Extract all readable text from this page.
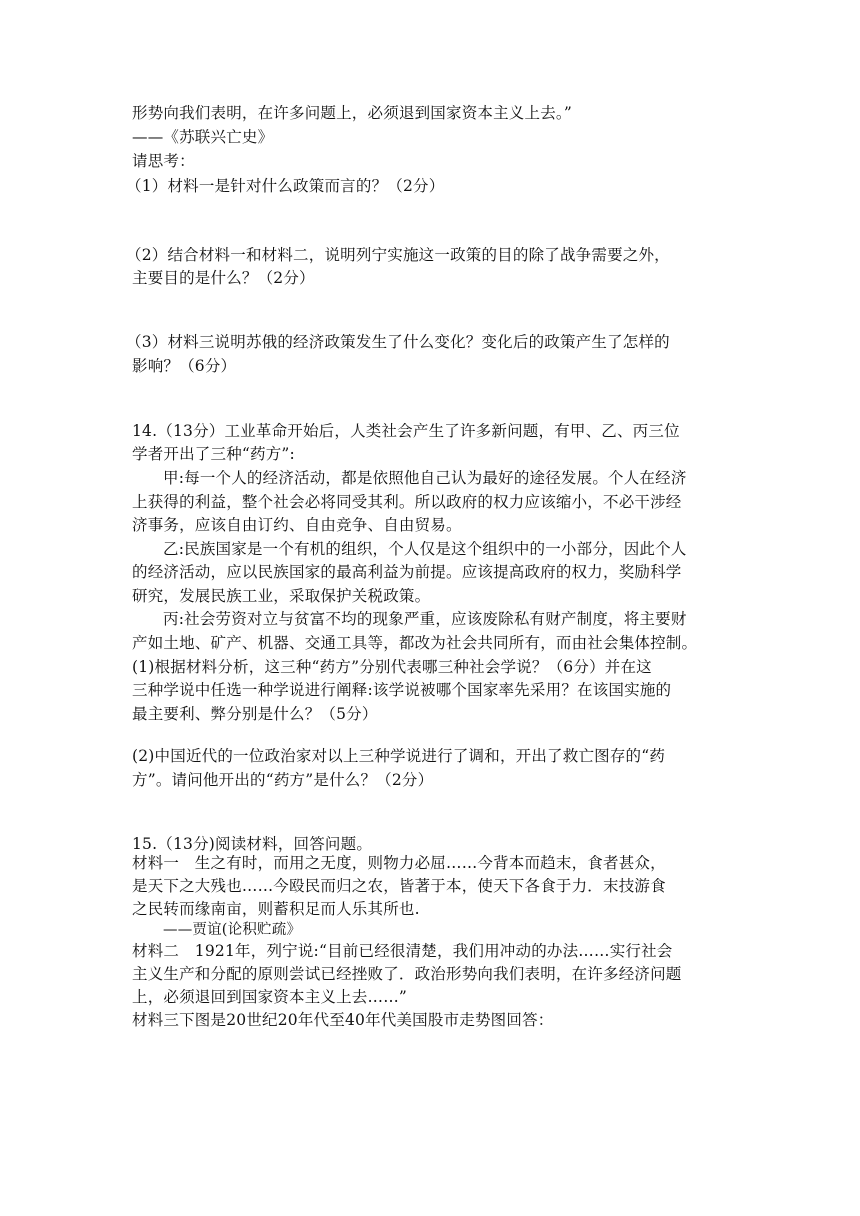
形势向我们表明，在许多问题上，必须退到国家资本主义上去。”
——《苏联兴亡史》
请思考：
（1）材料一是针对什么政策而言的？（2分）
（2）结合材料一和材料二，说明列宁实施这一政策的目的除了战争需要之外，
主要目的是什么？（2分）
（3）材料三说明苏俄的经济政策发生了什么变化？变化后的政策产生了怎样的
影响？（6分）
14.（13分）工业革命开始后，人类社会产生了许多新问题，有甲、乙、丙三位
学者开出了三种“药方”:
甲:每一个人的经济活动，都是依照他自己认为最好的途径发展。个人在经济
上获得的利益，整个社会必将同受其利。所以政府的权力应该缩小，不必干涉经
济事务，应该自由订约、自由竞争、自由贸易。
乙:民族国家是一个有机的组织，个人仅是这个组织中的一小部分，因此个人
的经济活动，应以民族国家的最高利益为前提。应该提高政府的权力，奖励科学
研究，发展民族工业，采取保护关税政策。
丙:社会劳资对立与贫富不均的现象严重，应该废除私有财产制度，将主要财
产如土地、矿产、机器、交通工具等，都改为社会共同所有，而由社会集体控制。
(1)根据材料分析，这三种“药方”分别代表哪三种社会学说？（6分）并在这
三种学说中任选一种学说进行阐释:该学说被哪个国家率先采用？在该国实施的
最主要利、弊分别是什么？（5分）
(2)中国近代的一位政治家对以上三种学说进行了调和，开出了救亡图存的“药
方”。请问他开出的“药方”是什么？（2分）
15.（13分)阅读材料，回答问题。
材料一　生之有时，而用之无度，则物力必屈……今背本而趋末，食者甚众，
是天下之大残也……今殴民而归之农，皆著于本，使天下各食于力．末技游食
之民转而缘南亩，则蓄积足而人乐其所也.
——贾谊(论积贮疏》
材料二　1921年，列宁说:“目前已经很清楚，我们用冲动的办法……实行社会
主义生产和分配的原则尝试已经挫败了．政治形势向我们表明，在许多经济问题
上，必须退回到国家资本主义上去……”
材料三下图是20世纪20年代至40年代美国股市走势图回答：
